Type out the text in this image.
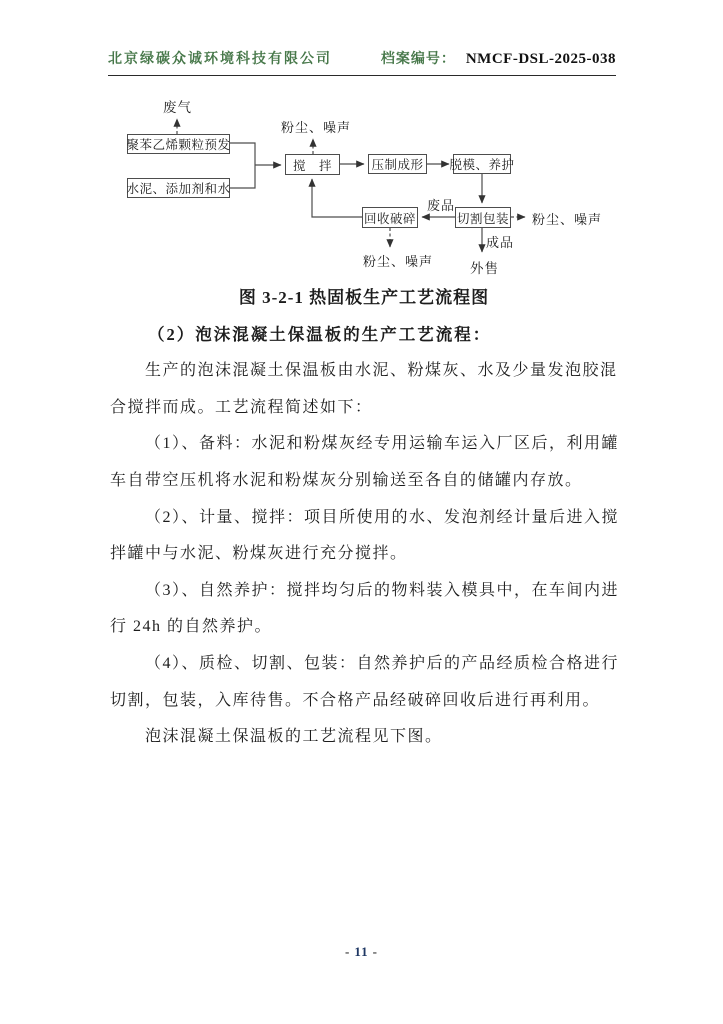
北京绿碳众诚环境科技有限公司	档案编号： NMCF-DSL-2025-038
聚苯乙烯颗粒预发
水泥、添加剂和水
搅　拌	压制成形 脱模、养护
切割包装
回收破碎
废气
粉尘、噪声
废品
粉尘、噪声
粉尘、噪声
成品
外售
图 3-2-1 热固板生产工艺流程图
（2）泡沫混凝土保温板的生产工艺流程：
生产的泡沫混凝土保温板由水泥、粉煤灰、水及少量发泡胶混
合搅拌而成。工艺流程简述如下：
（1）、备料：水泥和粉煤灰经专用运输车运入厂区后，利用罐
车自带空压机将水泥和粉煤灰分别输送至各自的储罐内存放。
（2）、计量、搅拌：项目所使用的水、发泡剂经计量后进入搅
拌罐中与水泥、粉煤灰进行充分搅拌。
（3）、自然养护：搅拌均匀后的物料装入模具中，在车间内进
行 24h 的自然养护。
（4）、质检、切割、包装：自然养护后的产品经质检合格进行
切割，包装，入库待售。不合格产品经破碎回收后进行再利用。
泡沫混凝土保温板的工艺流程见下图。
- 11 -
